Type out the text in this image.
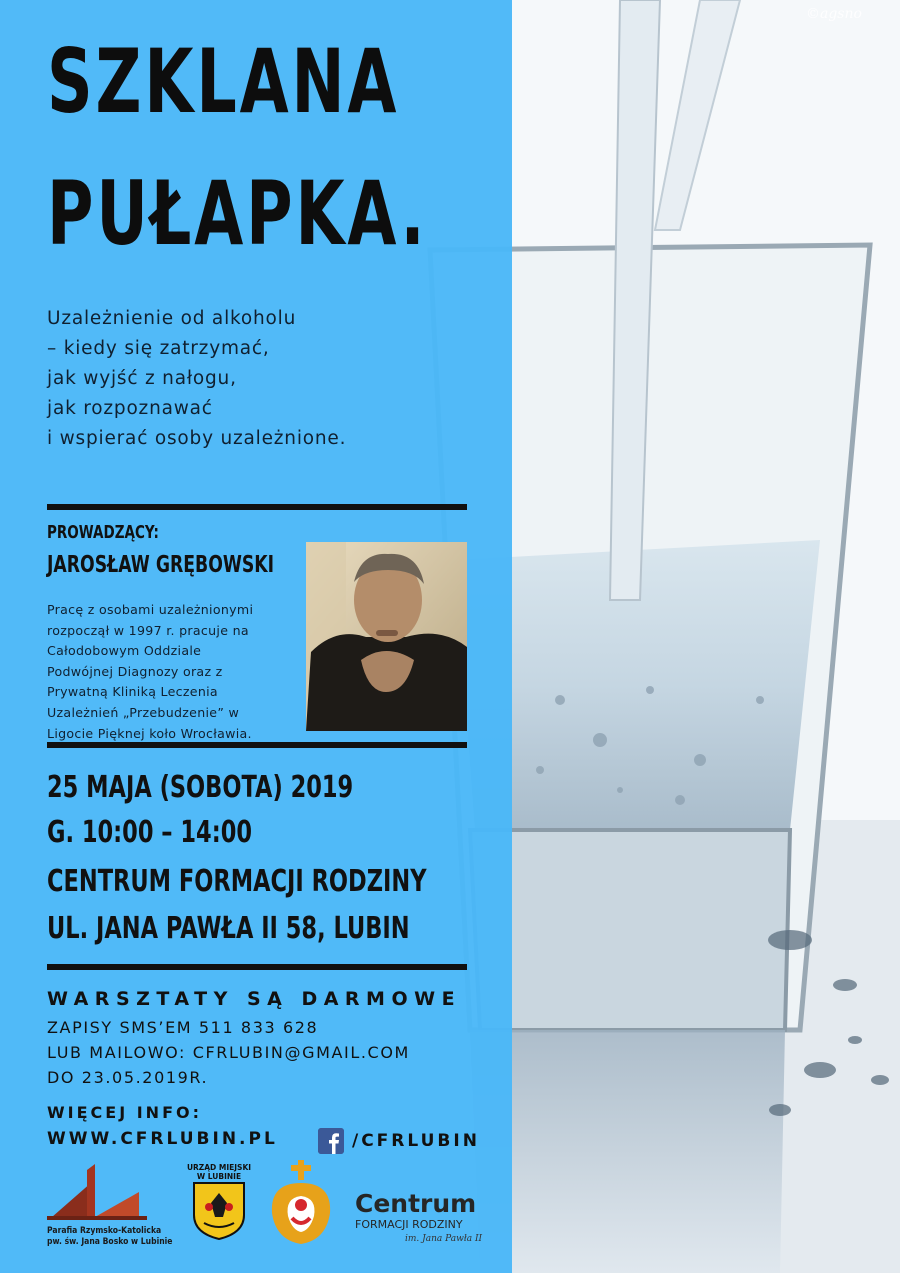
©agsno
SZKLANA
PUŁAPKA.

Uzależnienie od alkoholu
– kiedy się zatrzymać,
jak wyjść z nałogu,
jak rozpoznawać
i wspierać osoby uzależnione.

PROWADZĄCY:
JAROSŁAW GRĘBOWSKI
Pracę z osobami uzależnionymi
rozpoczął w 1997 r. pracuje na
Całodobowym Oddziale
Podwójnej Diagnozy oraz z
Prywatną Kliniką Leczenia
Uzależnień „Przebudzenie” w
Ligocie Pięknej koło Wrocławia.
25 MAJA (SOBOTA) 2019
G. 10:00 – 14:00
CENTRUM FORMACJI RODZINY
UL. JANA PAWŁA II 58, LUBIN
WARSZTATY SĄ DARMOWE
ZAPISY SMS’EM 511 833 628
LUB MAILOWO: CFRLUBIN@GMAIL.COM
DO 23.05.2019R.
WIĘCEJ INFO:
WWW.CFRLUBIN.PL	/CFRLUBIN
Parafia Rzymsko-Katolicka
pw. św. Jana Bosko w Lubinie
URZĄD MIEJSKI
W LUBINIE
Centrum
FORMACJI RODZINY
im. Jana Pawła II
